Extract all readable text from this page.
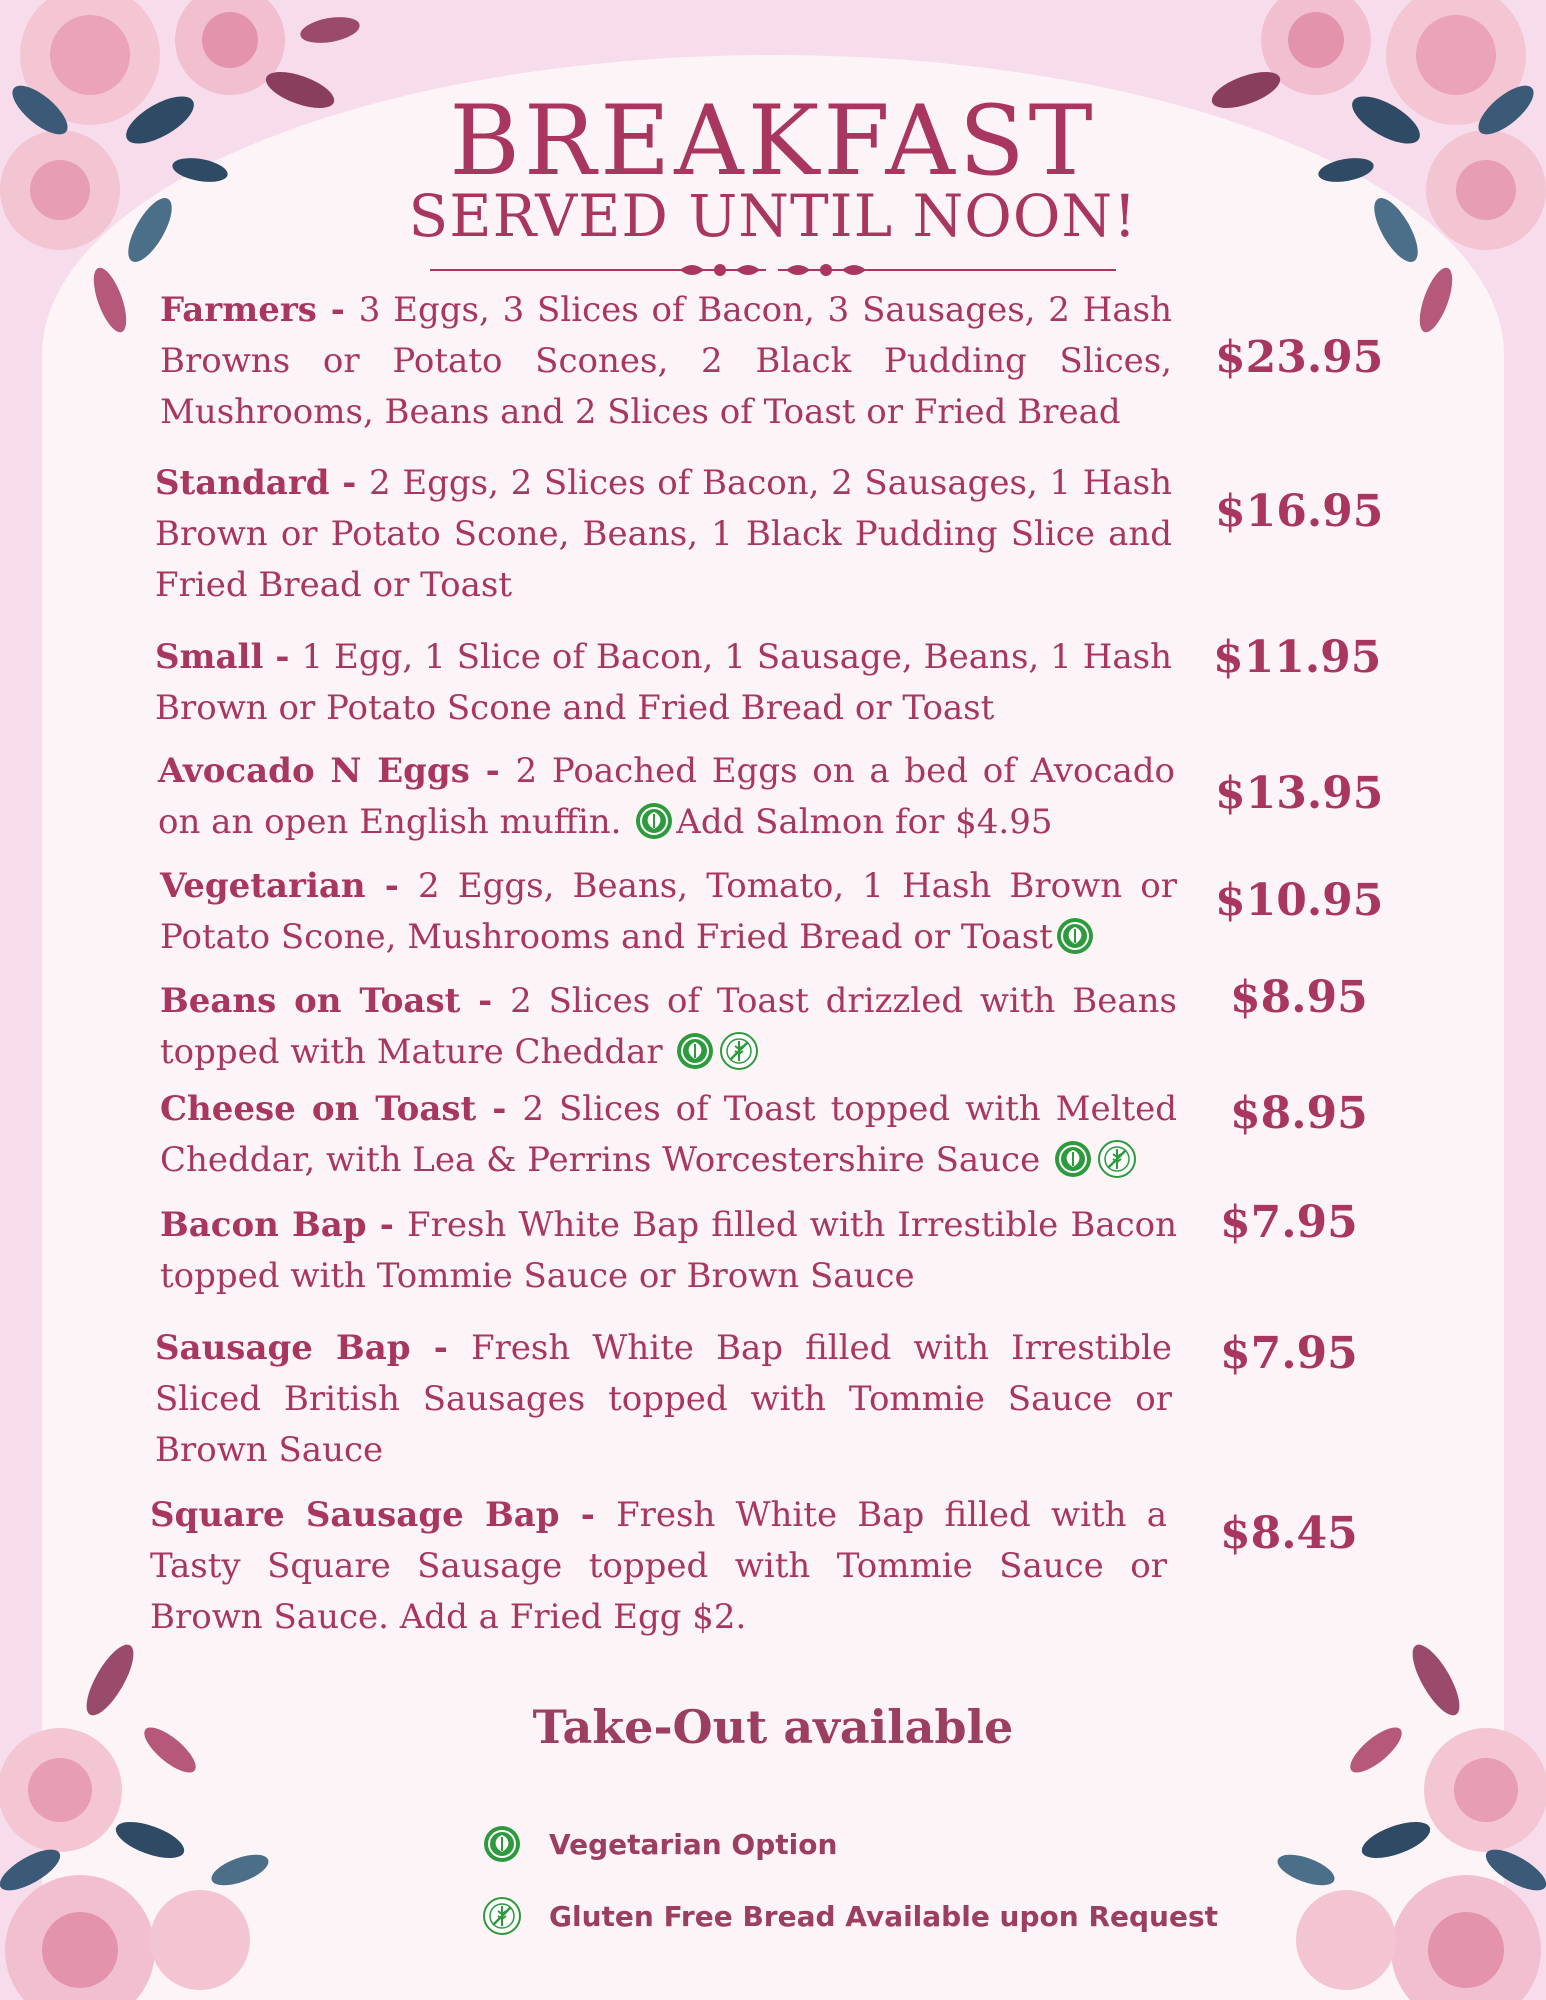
BREAKFAST
SERVED UNTIL NOON!

Farmers - 3 Eggs, 3 Slices of Bacon, 3 Sausages, 2 Hash Browns or Potato Scones, 2 Black Pudding Slices, Mushrooms, Beans and 2 Slices of Toast or Fried Bread

$23.95

Standard - 2 Eggs, 2 Slices of Bacon, 2 Sausages, 1 Hash Brown or Potato Scone, Beans, 1 Black Pudding Slice and Fried Bread or Toast

$16.95

Small - 1 Egg, 1 Slice of Bacon, 1 Sausage, Beans, 1 Hash Brown or Potato Scone and Fried Bread or Toast

$11.95

Avocado N Eggs - 2 Poached Eggs on a bed of Avocado on an open English muffin. Add Salmon for $4.95

$13.95

Vegetarian - 2 Eggs, Beans, Tomato, 1 Hash Brown or Potato Scone, Mushrooms and Fried Bread or Toast

$10.95

Beans on Toast - 2 Slices of Toast drizzled with Beans topped with Mature Cheddar

$8.95

Cheese on Toast - 2 Slices of Toast topped with Melted Cheddar, with Lea & Perrins Worcestershire Sauce

$8.95

Bacon Bap - Fresh White Bap filled with Irrestible Bacon topped with Tommie Sauce or Brown Sauce

$7.95

Sausage Bap - Fresh White Bap filled with Irrestible Sliced British Sausages topped with Tommie Sauce or Brown Sauce

$7.95

Square Sausage Bap - Fresh White Bap filled with a Tasty Square Sausage topped with Tommie Sauce or Brown Sauce. Add a Fried Egg $2.

$8.45
Take-Out available
Vegetarian Option
Gluten Free Bread Available upon Request
